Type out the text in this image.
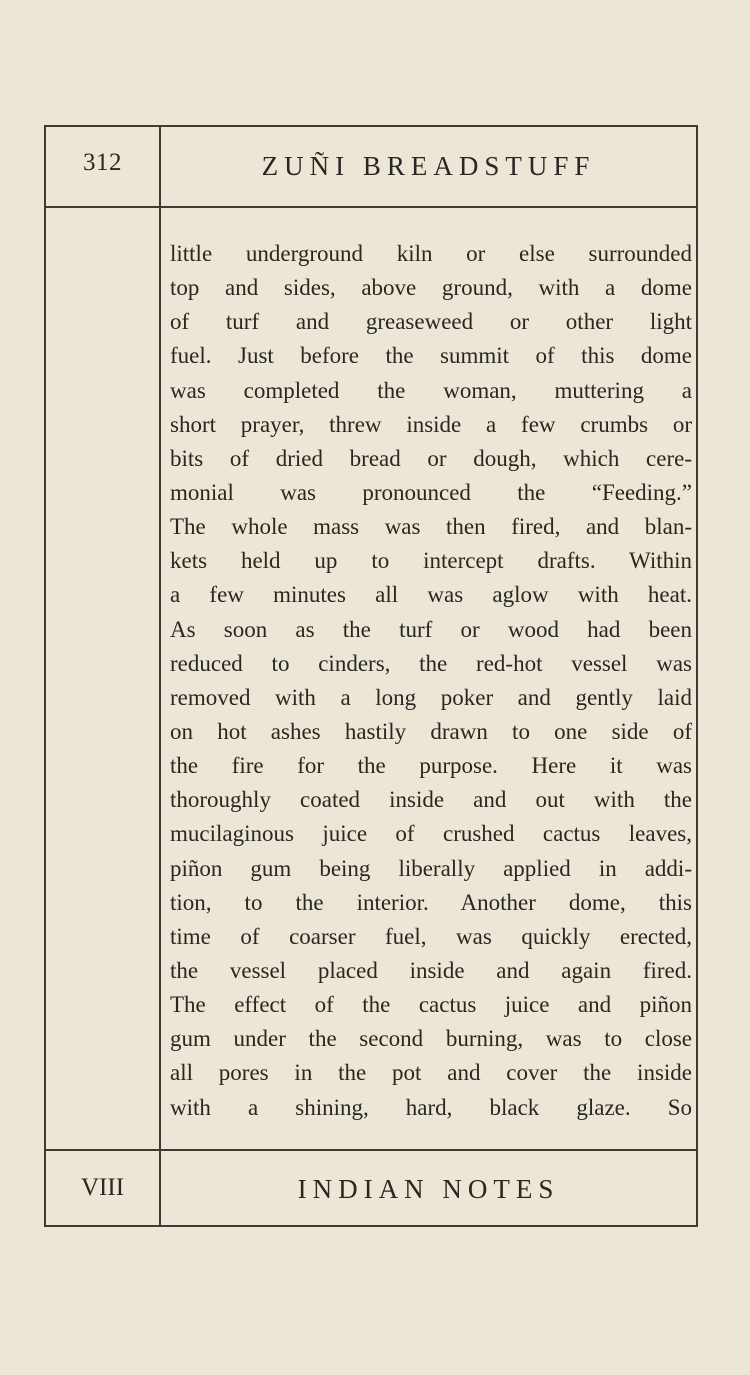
312	ZUÑI BREADSTUFF
little underground kiln or else surrounded
top and sides, above ground, with a dome
of turf and greaseweed or other light
fuel. Just before the summit of this dome
was completed the woman, muttering a
short prayer, threw inside a few crumbs or
bits of dried bread or dough, which cere-
monial was pronounced the “Feeding.”
The whole mass was then fired, and blan-
kets held up to intercept drafts. Within
a few minutes all was aglow with heat.
As soon as the turf or wood had been
reduced to cinders, the red-hot vessel was
removed with a long poker and gently laid
on hot ashes hastily drawn to one side of
the fire for the purpose. Here it was
thoroughly coated inside and out with the
mucilaginous juice of crushed cactus leaves,
piñon gum being liberally applied in addi-
tion, to the interior. Another dome, this
time of coarser fuel, was quickly erected,
the vessel placed inside and again fired.
The effect of the cactus juice and piñon
gum under the second burning, was to close
all pores in the pot and cover the inside
with a shining, hard, black glaze. So
VIII	INDIAN NOTES
